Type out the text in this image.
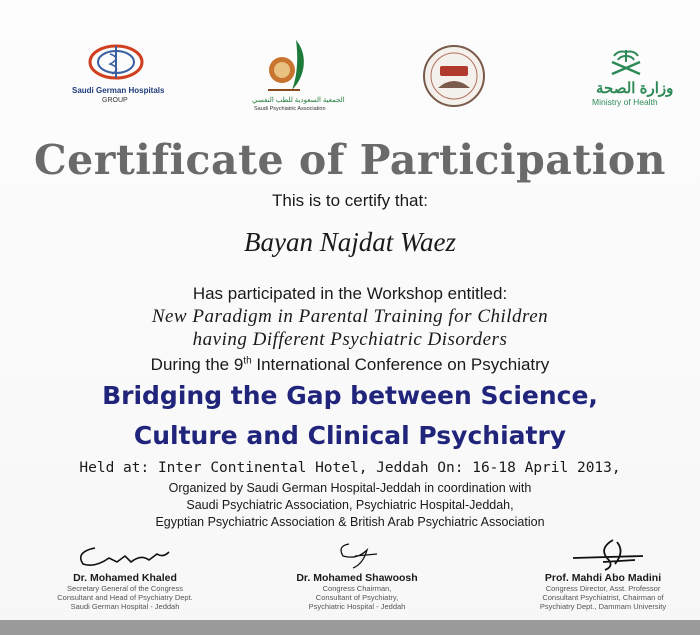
Saudi German Hospitals
GROUP	الجمعية السعودية للطب النفسي
Saudi Psychiatric Association
وزارة الصحة
Ministry of Health
Certificate of Participation
This is to certify that:
Bayan Najdat Waez
Has participated in the Workshop entitled:
New Paradigm in Parental Training for Children
having Different Psychiatric Disorders
During the 9th International Conference on Psychiatry
Bridging the Gap between Science,
Culture and Clinical Psychiatry
Held at: Inter Continental Hotel, Jeddah On: 16-18 April 2013,
Organized by Saudi German Hospital-Jeddah in coordination with
Saudi Psychiatric Association, Psychiatric Hospital-Jeddah,
Egyptian Psychiatric Association & British Arab Psychiatric Association
Dr. Mohamed Khaled
Secretary General of the Congress
Consultant and Head of Psychiatry Dept.
Saudi German Hospital - Jeddah
Dr. Mohamed Shawoosh
Congress Chairman,
Consultant of Psychiatry,
Psychiatric Hospital - Jeddah
Prof. Mahdi Abo Madini
Congress Director, Asst. Professor
Consultant Psychiatrist, Chairman of
Psychiatry Dept., Dammam University
